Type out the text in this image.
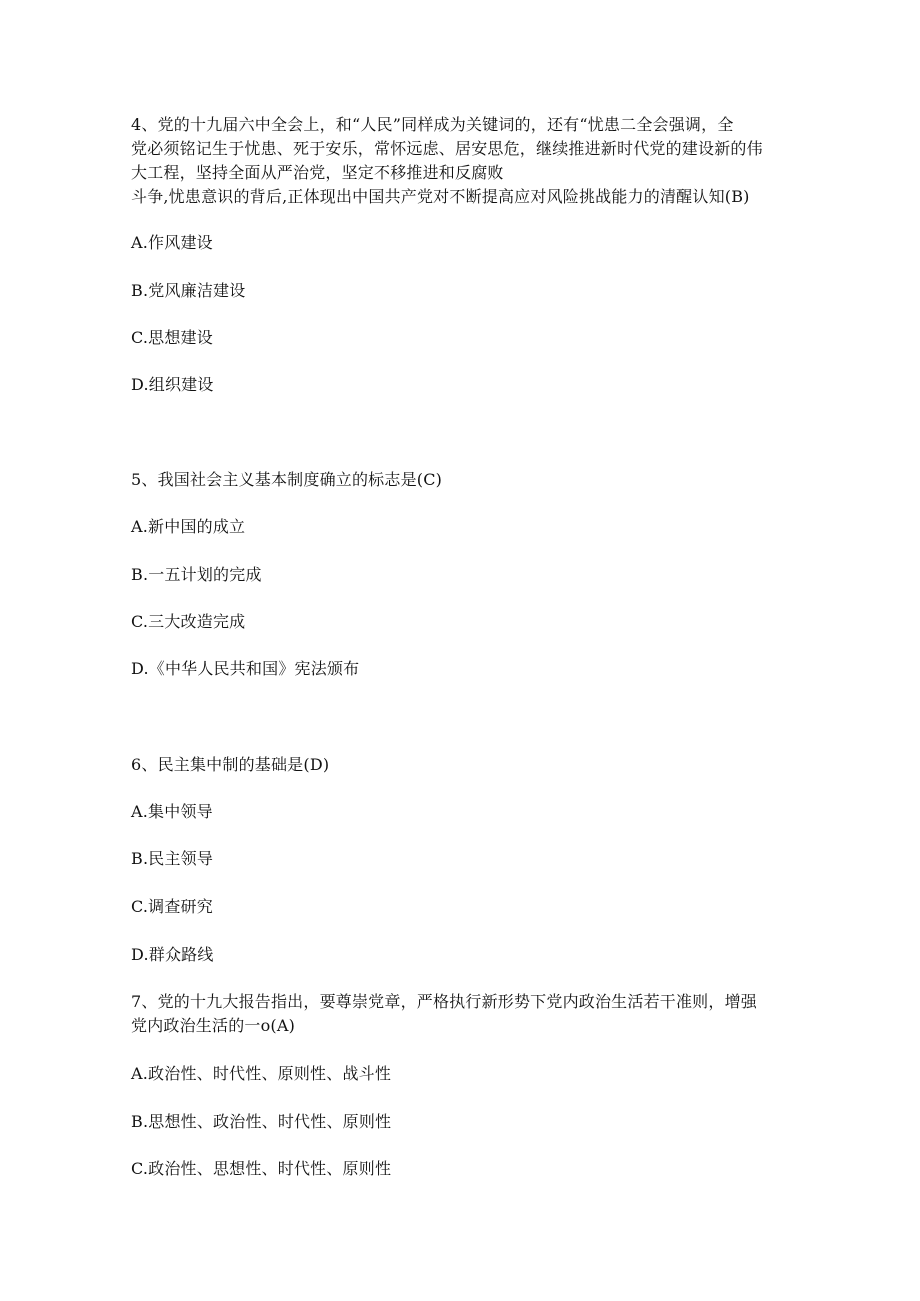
4、党的十九届六中全会上，和“人民”同样成为关键词的，还有“忧患二全会强调，全
党必须铭记生于忧患、死于安乐，常怀远虑、居安思危，继续推进新时代党的建设新的伟
大工程，坚持全面从严治党，坚定不移推进和反腐败
斗争,忧患意识的背后,正体现出中国共产党对不断提高应对风险挑战能力的清醒认知(B)
A.作风建设
B.党风廉洁建设
C.思想建设
D.组织建设
5、我国社会主义基本制度确立的标志是(C)
A.新中国的成立
B.一五计划的完成
C.三大改造完成
D.《中华人民共和国》宪法颁布
6、民主集中制的基础是(D)
A.集中领导
B.民主领导
C.调查研究
D.群众路线
7、党的十九大报告指出，要尊崇党章，严格执行新形势下党内政治生活若干准则，增强
党内政治生活的一o(A)
A.政治性、时代性、原则性、战斗性
B.思想性、政治性、时代性、原则性
C.政治性、思想性、时代性、原则性
